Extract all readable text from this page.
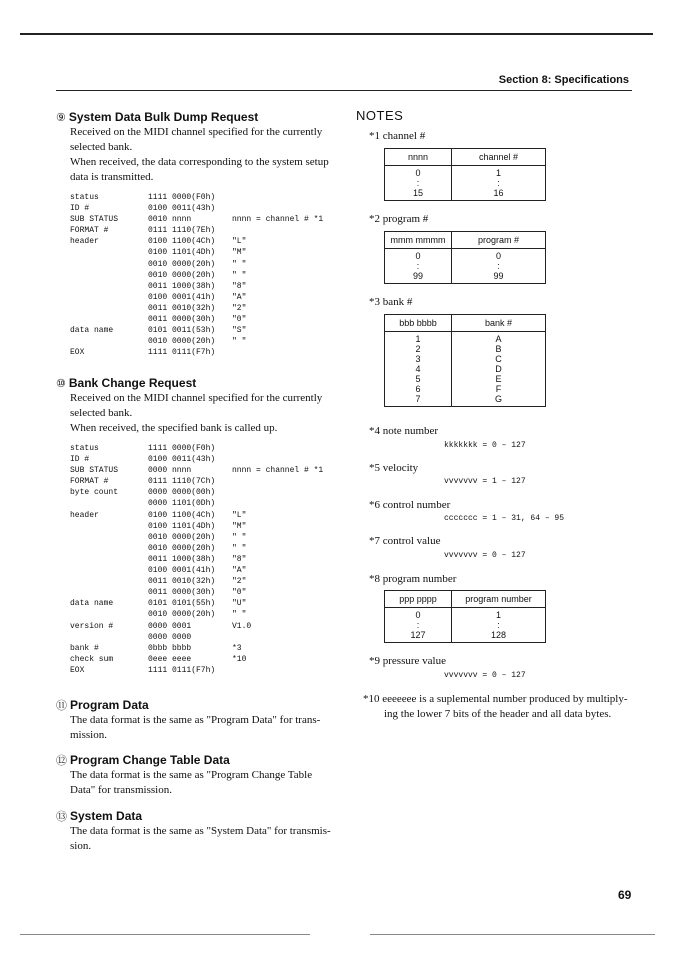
Section 8: Specifications
⑨ System Data Bulk Dump Request
Received on the MIDI channel specified for the currently
selected bank.
When received, the data corresponding to the system setup
data is transmitted.
status	1111 0000(F0h)
ID #	0100 0011(43h)
SUB STATUS	0010 nnnn	nnnn = channel # *1
FORMAT #	0111 1110(7Eh)
header	0100 1100(4Ch)	"L"
0100 1101(4Dh)	"M"
0010 0000(20h)	" "
0010 0000(20h)	" "
0011 1000(38h)	"8"
0100 0001(41h)	"A"
0011 0010(32h)	"2"
0011 0000(30h)	"0"
data name	0101 0011(53h)	"S"
0010 0000(20h)	" "
EOX	1111 0111(F7h)
⑩ Bank Change Request
Received on the MIDI channel specified for the currently
selected bank.
When received, the specified bank is called up.
status	1111 0000(F0h)
ID #	0100 0011(43h)
SUB STATUS	0000 nnnn	nnnn = channel # *1
FORMAT #	0111 1110(7Ch)
byte count	0000 0000(00h)
0000 1101(0Dh)
header	0100 1100(4Ch)	"L"
0100 1101(4Dh)	"M"
0010 0000(20h)	" "
0010 0000(20h)	" "
0011 1000(38h)	"8"
0100 0001(41h)	"A"
0011 0010(32h)	"2"
0011 0000(30h)	"0"
data name	0101 0101(55h)	"U"
0010 0000(20h)	" "
version #	0000 0001	V1.0
0000 0000
bank #	0bbb bbbb	*3
check sum	0eee eeee	*10
EOX	1111 0111(F7h)
⑪ Program Data
The data format is the same as "Program Data" for trans-
mission.
⑫ Program Change Table Data
The data format is the same as "Program Change Table
Data" for transmission.
⑬ System Data
The data format is the same as "System Data" for transmis-
sion.
NOTES
*1 channel #
nnnn	channel #
0
:
15
1
:
16
*2 program #
mmm mmmm	program #
0
:
99
0
:
99
*3 bank #
bbb bbbb	bank #
1
2
3
4
5
6
7
A
B
C
D
E
F
G
*4 note number
kkkkkkk = 0 – 127
*5 velocity
vvvvvvv = 1 – 127
*6 control number
ccccccc = 1 – 31, 64 – 95
*7 control value
vvvvvvv = 0 – 127
*8 program number
ppp pppp	program number
0
:
127
1
:
128
*9 pressure value
vvvvvvv = 0 – 127
*10 eeeeeee is a suplemental number produced by multiply-
ing the lower 7 bits of the header and all data bytes.
69
